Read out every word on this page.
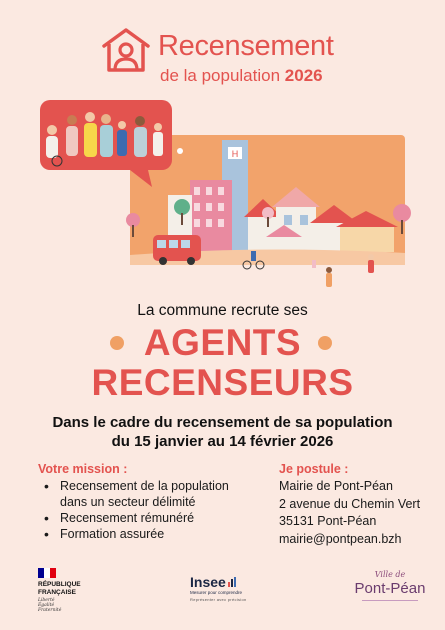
Recensement
de la population 2026
H
La commune recrute ses
AGENTS
RECENSEURS
Dans le cadre du recensement de sa population
du 15 janvier au 14 février 2026
Votre mission :
• Recensement de la population
dans un secteur délimité
• Recensement rémunéré
• Formation assurée
Je postule :
Mairie de Pont-Péan
2 avenue du Chemin Vert
35131 Pont-Péan
mairie@pontpean.bzh
RÉPUBLIQUE
FRANÇAISE
Liberté
Égalité
Fraternité
Insee
Mesurer pour comprendre
Représenter avec précision
Ville de
Pont-Péan
